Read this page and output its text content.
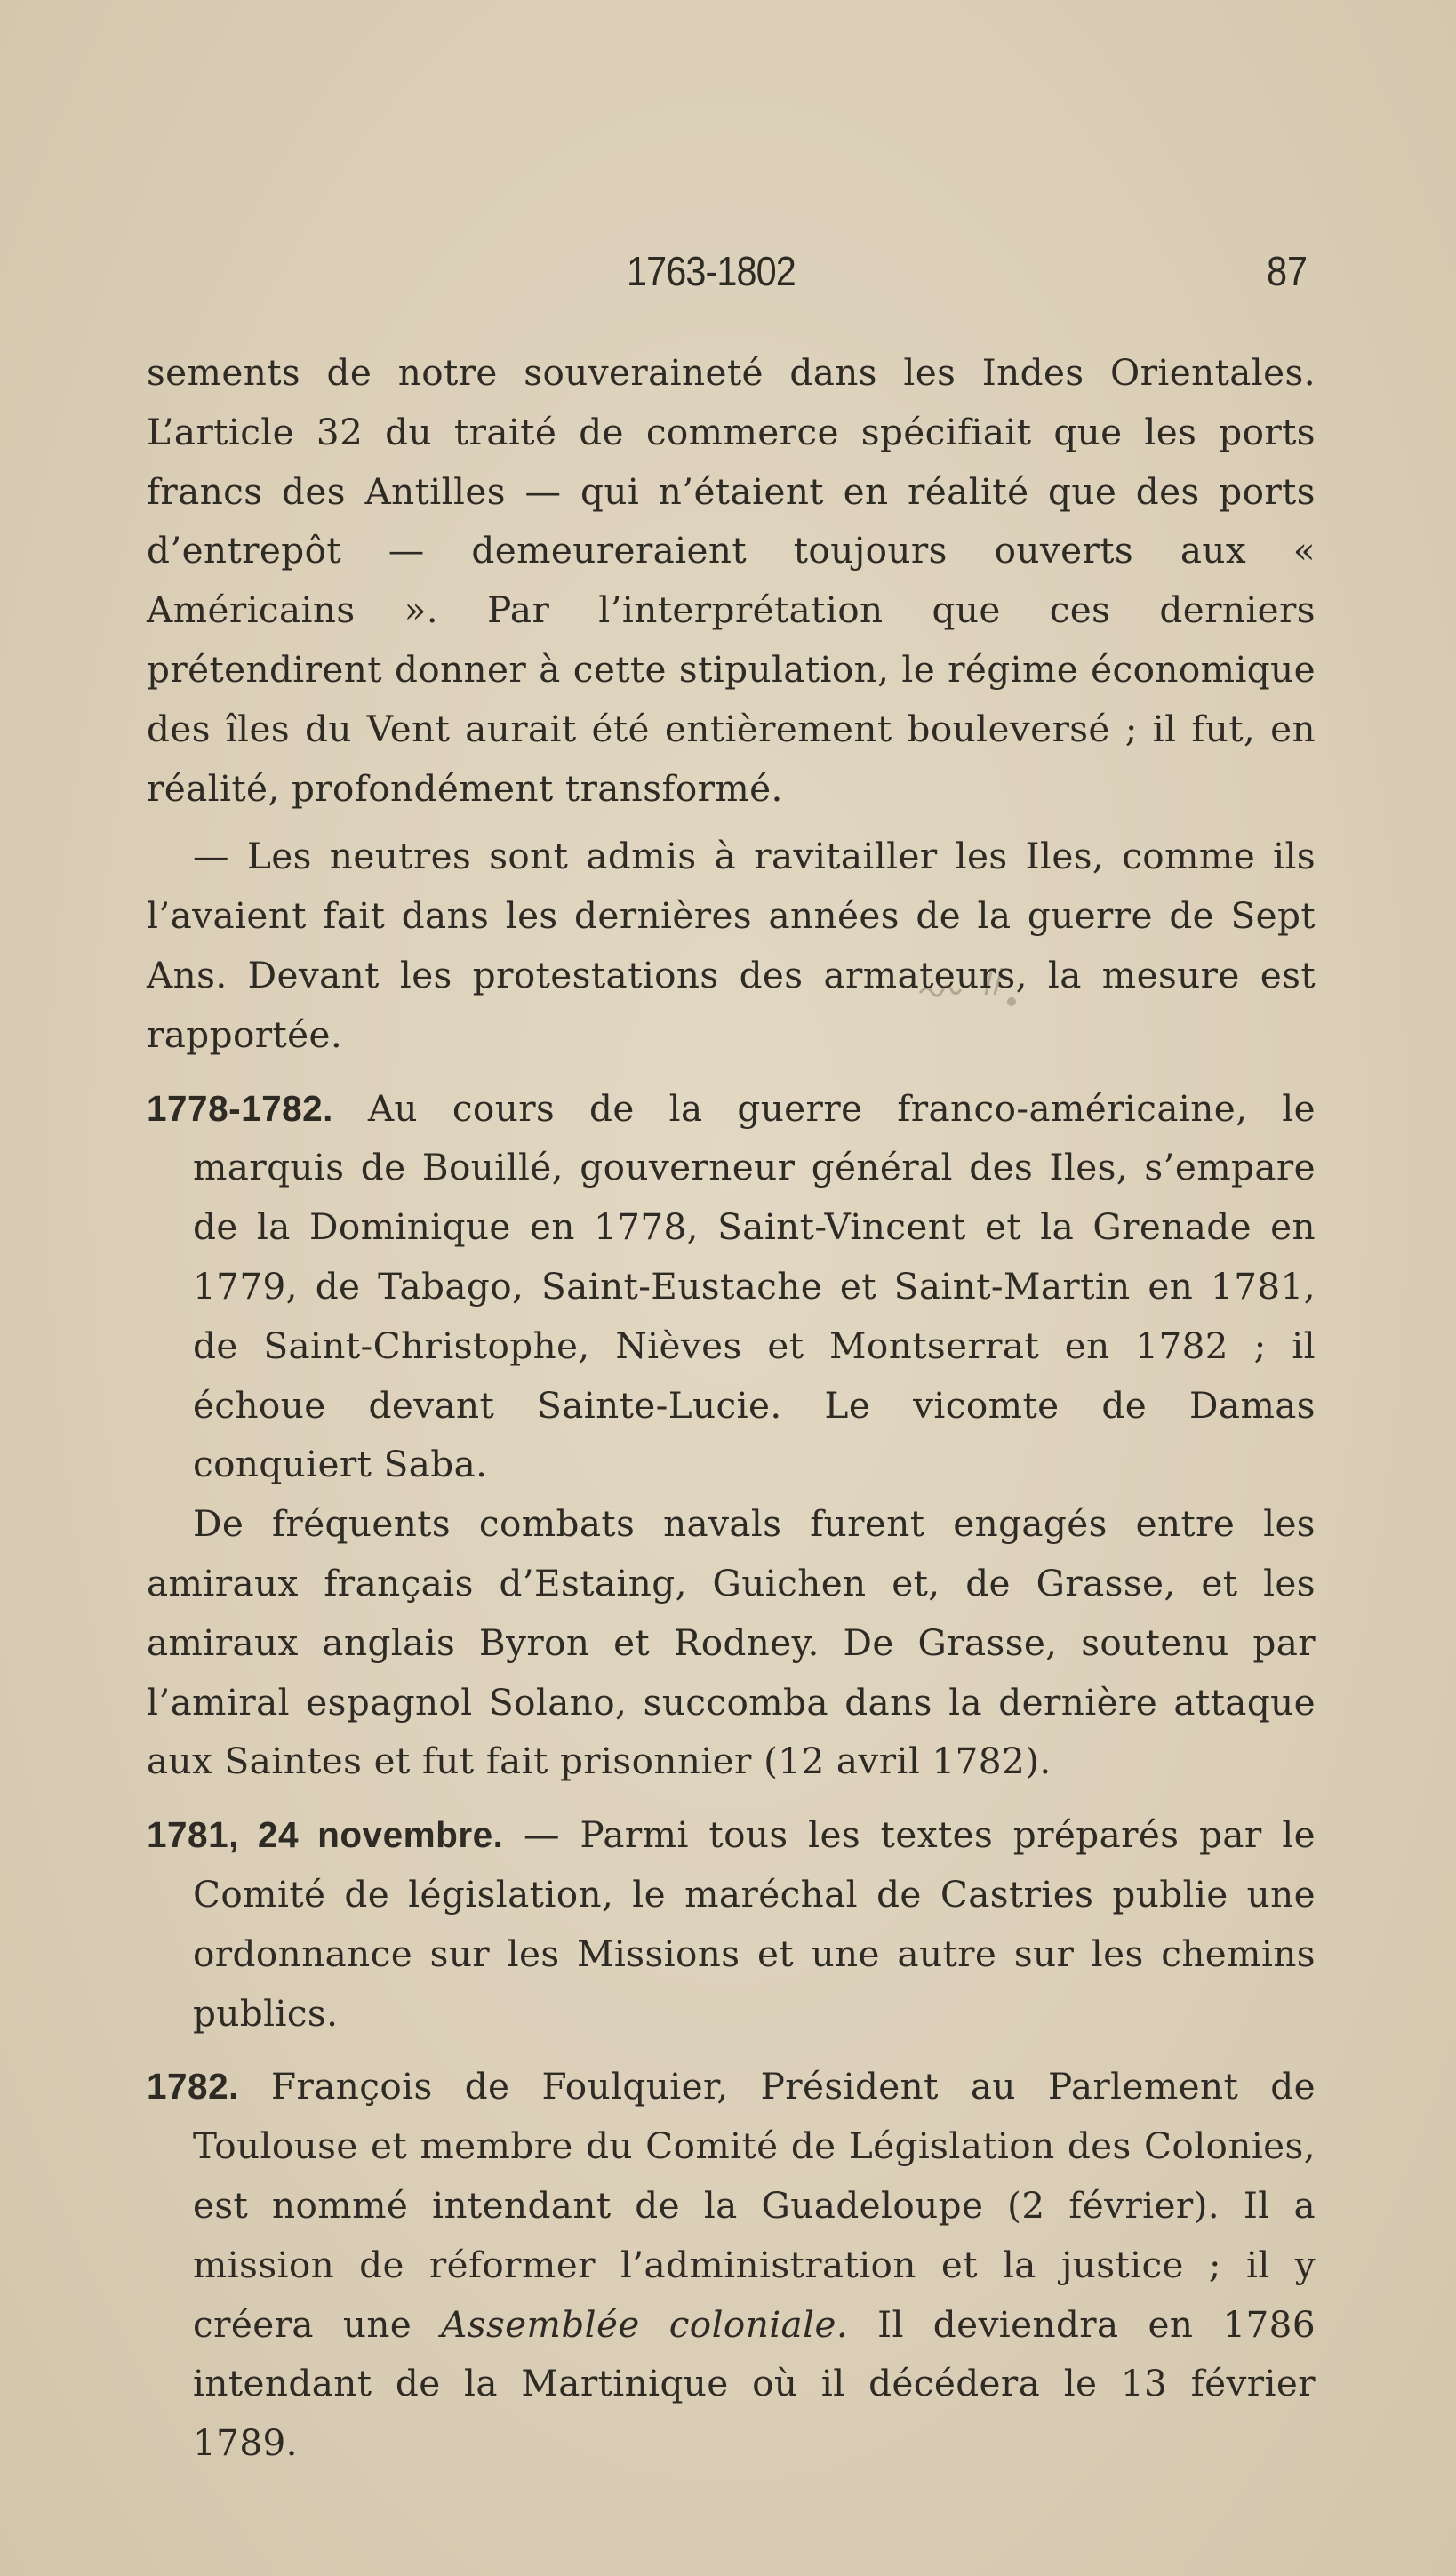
1763-1802	87

sements de notre souveraineté dans les Indes Orientales. L’article 32 du traité de commerce spécifiait que les ports francs des Antilles — qui n’étaient en réalité que des ports d’entrepôt — demeureraient toujours ouverts aux « Américains ». Par l’interprétation que ces derniers prétendirent donner à cette stipulation, le régime économique des îles du Vent aurait été entièrement bouleversé ; il fut, en réalité, profondément transformé.

— Les neutres sont admis à ravitailler les Iles, comme ils l’avaient fait dans les dernières années de la guerre de Sept Ans. Devant les protestations des armateurs, la mesure est rapportée.

1778-1782. Au cours de la guerre franco-américaine, le marquis de Bouillé, gouverneur général des Iles, s’empare de la Dominique en 1778, Saint-Vincent et la Grenade en 1779, de Tabago, Saint-Eustache et Saint-Martin en 1781, de Saint-Christophe, Nièves et Montserrat en 1782 ; il échoue devant Sainte-Lucie. Le vicomte de Damas conquiert Saba.

De fréquents combats navals furent engagés entre les amiraux français d’Estaing, Guichen et, de Grasse, et les amiraux anglais Byron et Rodney. De Grasse, soutenu par l’amiral espagnol Solano, succomba dans la dernière attaque aux Saintes et fut fait prisonnier (12 avril 1782).

1781, 24 novembre. — Parmi tous les textes préparés par le Comité de législation, le maréchal de Castries publie une ordonnance sur les Missions et une autre sur les chemins publics.

1782. François de Foulquier, Président au Parlement de Toulouse et membre du Comité de Législation des Colonies, est nommé intendant de la Guadeloupe (2 février). Il a mission de réformer l’administration et la justice ; il y créera une Assemblée coloniale. Il deviendra en 1786 intendant de la Martinique où il décédera le 13 février 1789.
